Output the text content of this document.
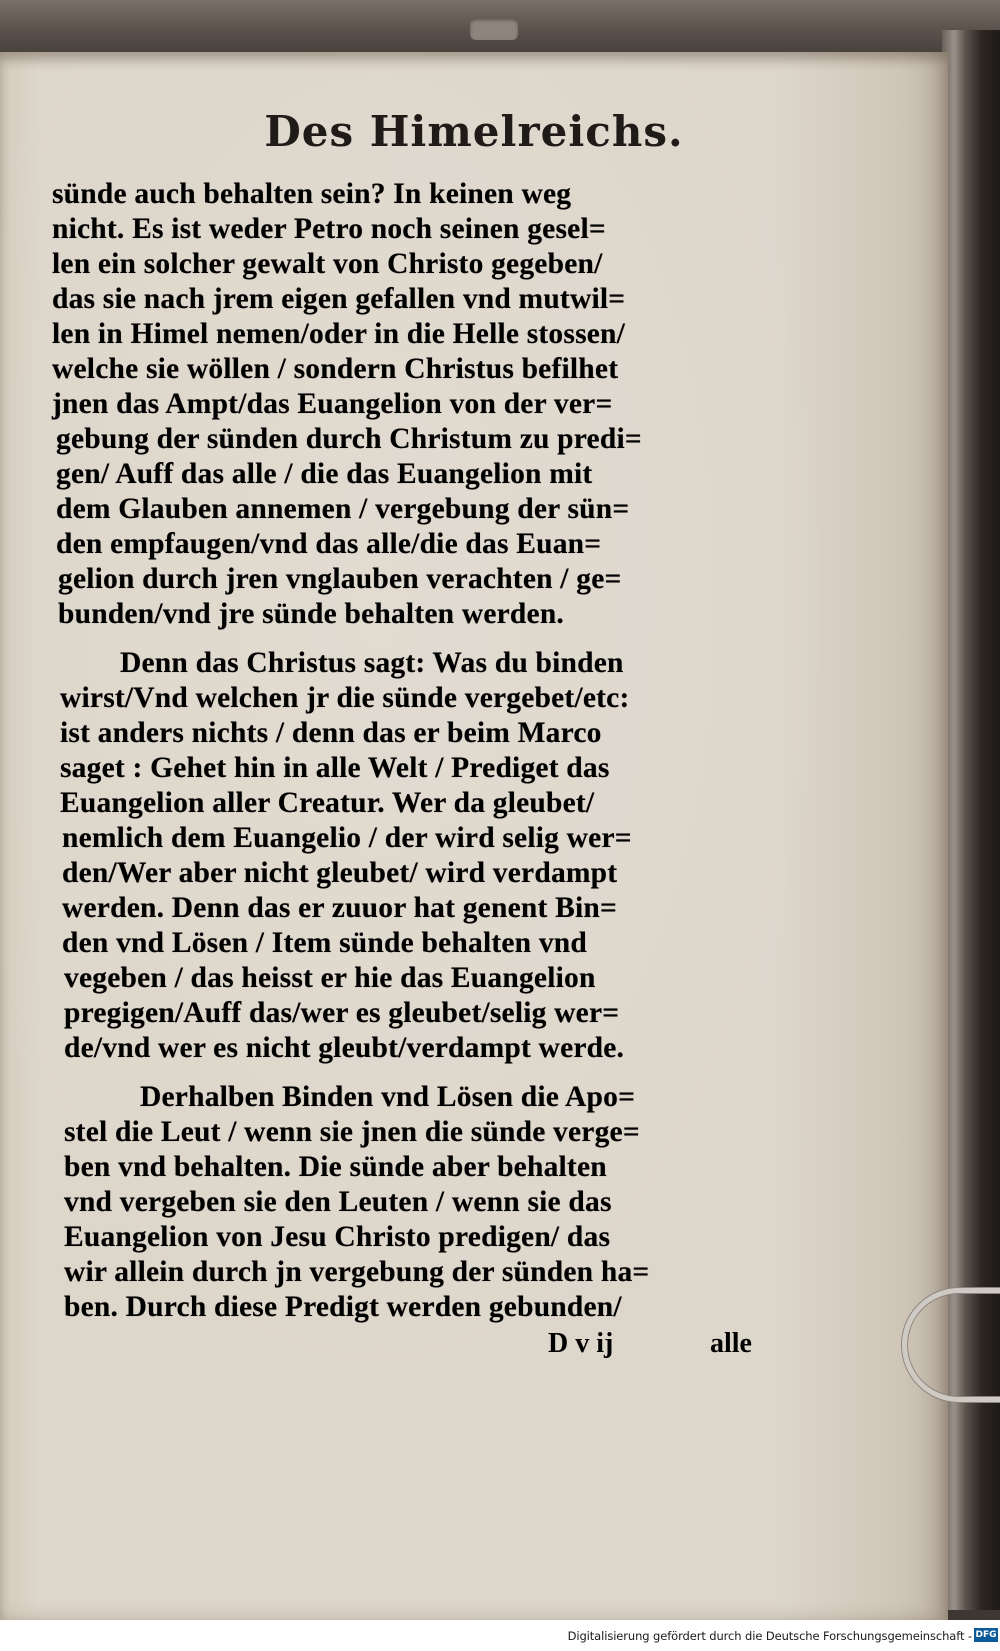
Des Himelreichs.
sünde auch behalten sein? In keinen weg
nicht. Es ist weder Petro noch seinen gesel=
len ein solcher gewalt von Christo gegeben/
das sie nach jrem eigen gefallen vnd mutwil=
len in Himel nemen/oder in die Helle stossen/
welche sie wöllen / sondern Christus befilhet
jnen das Ampt/das Euangelion von der ver=
gebung der sünden durch Christum zu predi=
gen/ Auff das alle / die das Euangelion mit
dem Glauben annemen / vergebung der sün=
den empfaugen/vnd das alle/die das Euan=
gelion durch jren vnglauben verachten / ge=
bunden/vnd jre sünde behalten werden.
Denn das Christus sagt: Was du binden
wirst/Vnd welchen jr die sünde vergebet/etc:
ist anders nichts / denn das er beim Marco
saget : Gehet hin in alle Welt / Prediget das
Euangelion aller Creatur. Wer da gleubet/
nemlich dem Euangelio / der wird selig wer=
den/Wer aber nicht gleubet/ wird verdampt
werden. Denn das er zuuor hat genent Bin=
den vnd Lösen / Item sünde behalten vnd
vegeben / das heisst er hie das Euangelion
pregigen/Auff das/wer es gleubet/selig wer=
de/vnd wer es nicht gleubt/verdampt werde.
Derhalben Binden vnd Lösen die Apo=
stel die Leut / wenn sie jnen die sünde verge=
ben vnd behalten. Die sünde aber behalten
vnd vergeben sie den Leuten / wenn sie das
Euangelion von Jesu Christo predigen/ das
wir allein durch jn vergebung der sünden ha=
ben. Durch diese Predigt werden gebunden/
D v ij	alle
Digitalisierung gefördert durch die Deutsche Forschungsgemeinschaft - DFG
